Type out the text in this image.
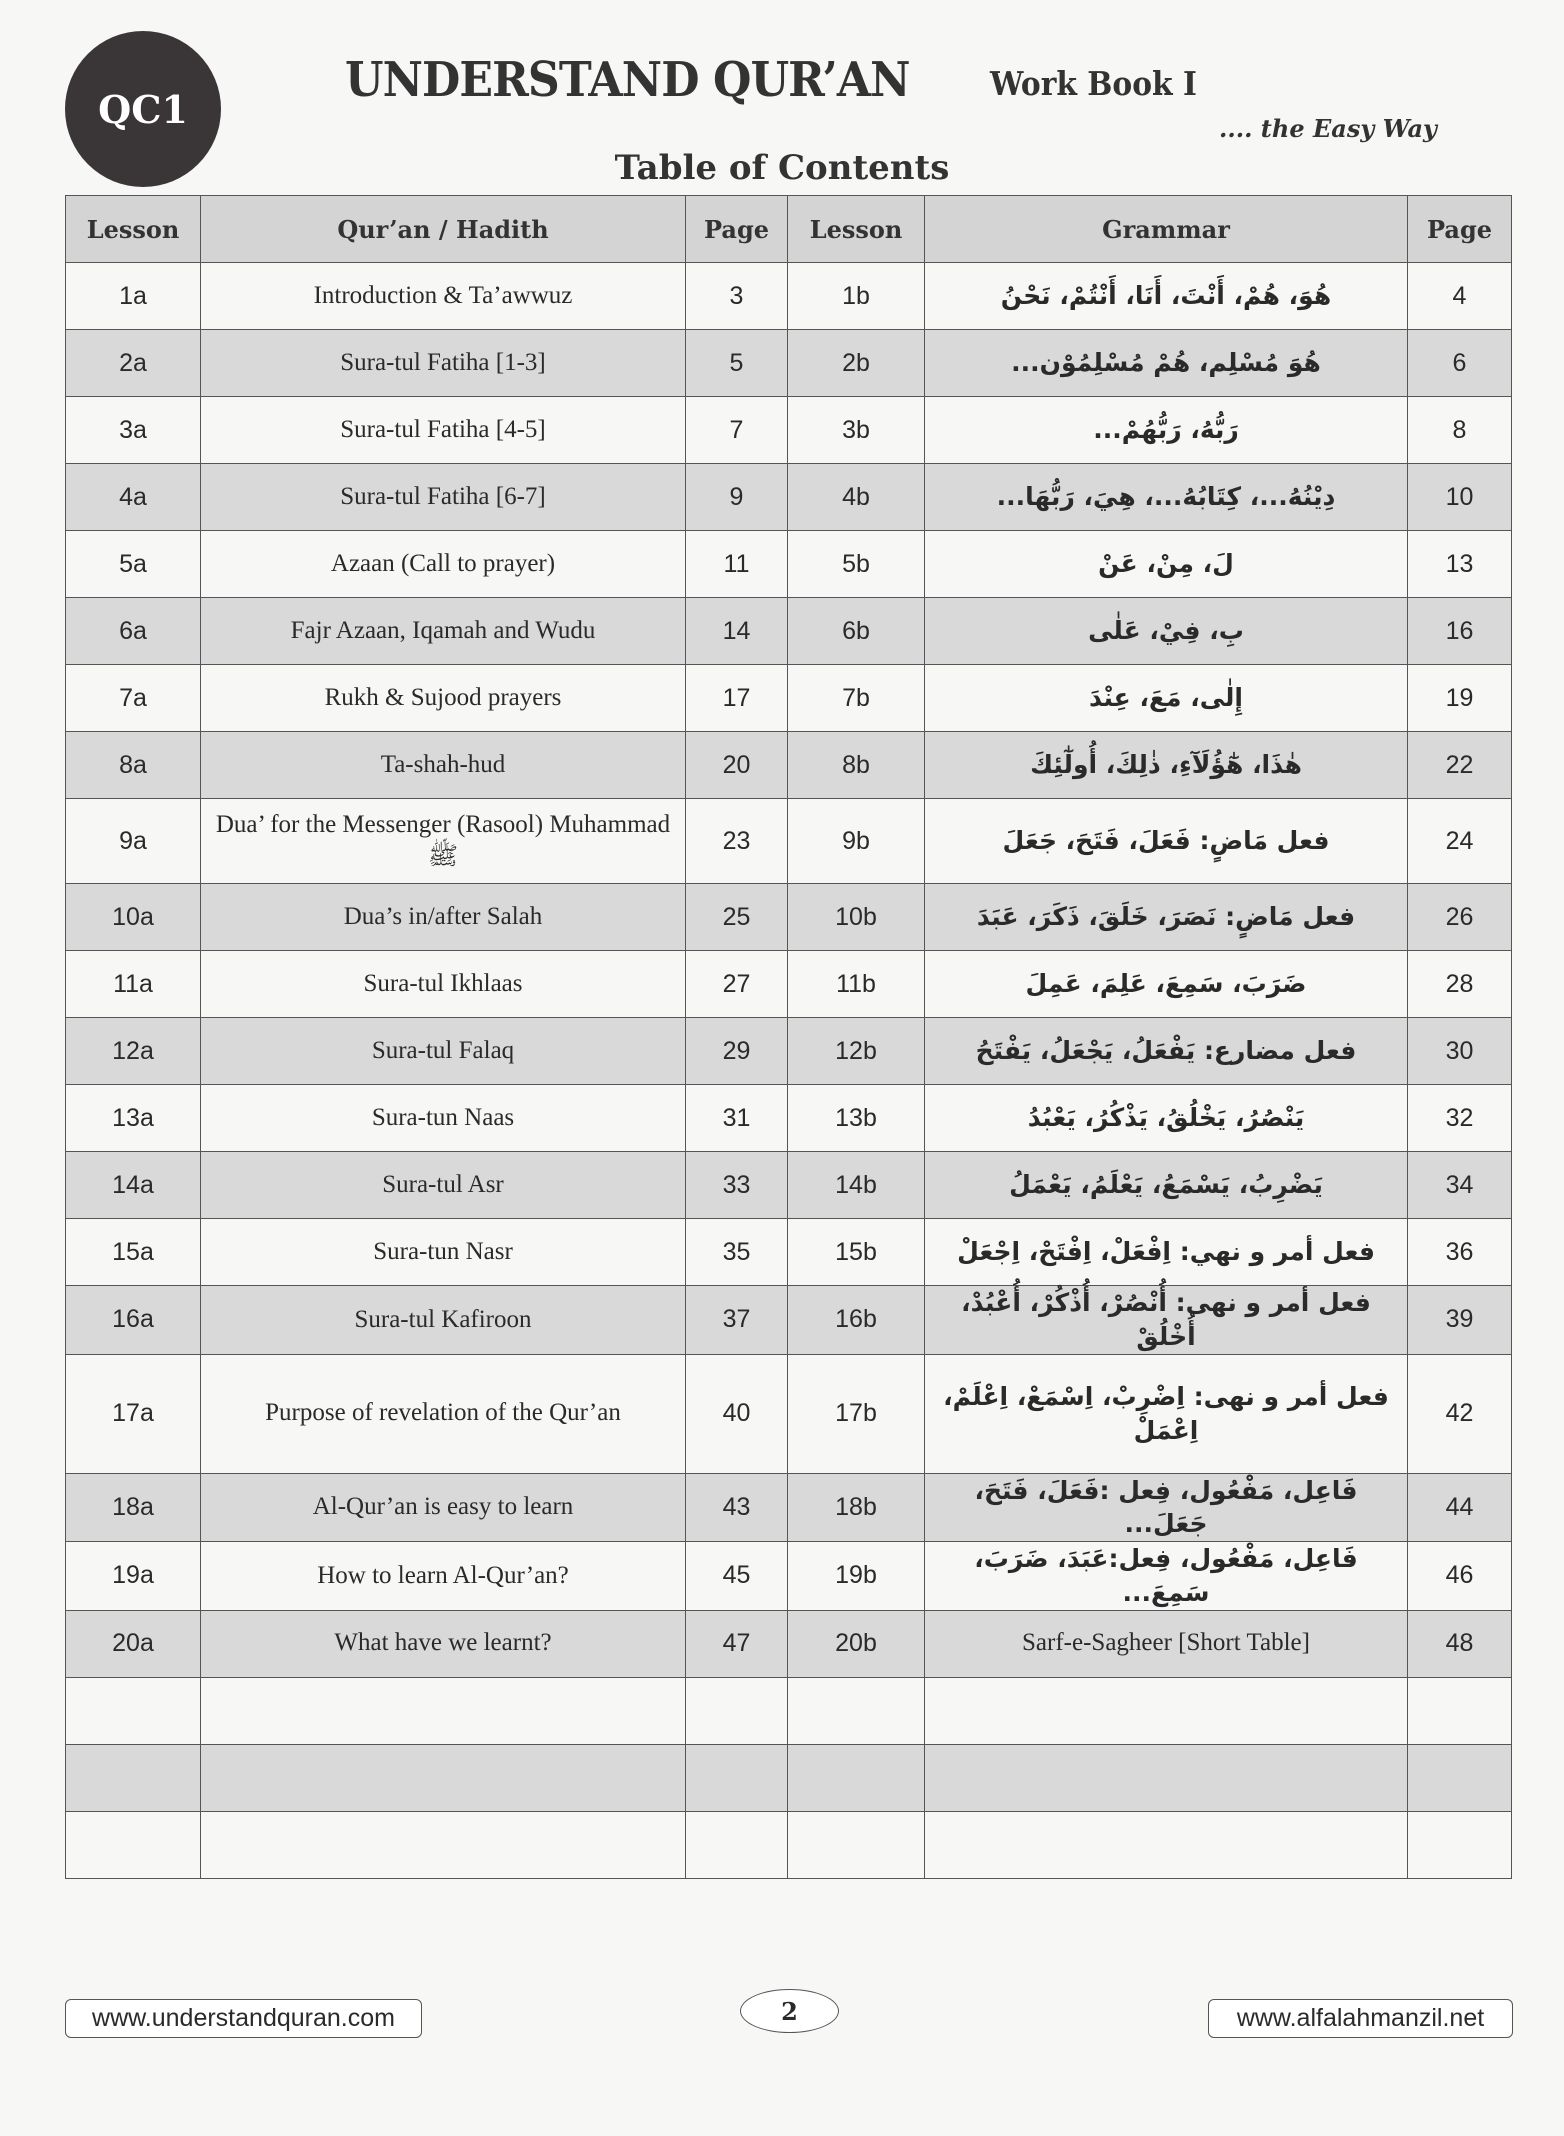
QC1
UNDERSTAND QUR’AN Work Book I
.... the Easy Way
Table of Contents
Lesson	Qur’an / Hadith	Page	Lesson	Grammar	Page
1a	Introduction & Ta’awwuz	3	1b	هُوَ، هُمْ، أَنْتَ، أَنَا، أَنْتُمْ، نَحْنُ	4
2a	Sura-tul Fatiha [1-3]	5	2b	هُوَ مُسْلِم، هُمْ مُسْلِمُوْن...	6
3a	Sura-tul Fatiha [4-5]	7	3b	رَبُّهُ، رَبُّهُمْ...	8
4a	Sura-tul Fatiha [6-7]	9	4b	دِيْنُهُ...، كِتَابُهُ...، هِيَ، رَبُّهَا...	10
5a	Azaan (Call to prayer)	11	5b	لَ، مِنْ، عَنْ	13
6a	Fajr Azaan, Iqamah and Wudu	14	6b	بِ، فِيْ، عَلٰى	16
7a	Rukh & Sujood prayers	17	7b	إِلٰى، مَعَ، عِنْدَ	19
8a	Ta-shah-hud	20	8b	هٰذَا، هٰٓؤُلَآءِ، ذٰلِكَ، أُولٰٓئِكَ	22
9a	Dua’ for the Messenger (Rasool) Muhammad ﷺ	23	9b	فعل مَاضٍ: فَعَلَ، فَتَحَ، جَعَلَ	24
10a	Dua’s in/after Salah	25	10b	فعل مَاضٍ: نَصَرَ، خَلَقَ، ذَكَرَ، عَبَدَ	26
11a	Sura-tul Ikhlaas	27	11b	ضَرَبَ، سَمِعَ، عَلِمَ، عَمِلَ	28
12a	Sura-tul Falaq	29	12b	فعل مضارع: يَفْعَلُ، يَجْعَلُ، يَفْتَحُ	30
13a	Sura-tun Naas	31	13b	يَنْصُرُ، يَخْلُقُ، يَذْكُرُ، يَعْبُدُ	32
14a	Sura-tul Asr	33	14b	يَضْرِبُ، يَسْمَعُ، يَعْلَمُ، يَعْمَلُ	34
15a	Sura-tun Nasr	35	15b	فعل أمر و نهي: اِفْعَلْ، اِفْتَحْ، اِجْعَلْ	36
16a	Sura-tul Kafiroon	37	16b	فعل أمر و نهى: أُنْصُرْ، أُذْكُرْ، أُعْبُدْ، أُخْلُقْ	39
17a	Purpose of revelation of the Qur’an	40	17b	فعل أمر و نهى: اِضْرِبْ، اِسْمَعْ، اِعْلَمْ، اِعْمَلْ	42
18a	Al-Qur’an is easy to learn	43	18b	فَاعِل، مَفْعُول، فِعل :فَعَلَ، فَتَحَ، جَعَلَ...	44
19a	How to learn Al-Qur’an?	45	19b	فَاعِل، مَفْعُول، فِعل:عَبَدَ، ضَرَبَ، سَمِعَ...	46
20a	What have we learnt?	47	20b	Sarf-e-Sagheer [Short Table]	48

www.understandquran.com	2	www.alfalahmanzil.net
